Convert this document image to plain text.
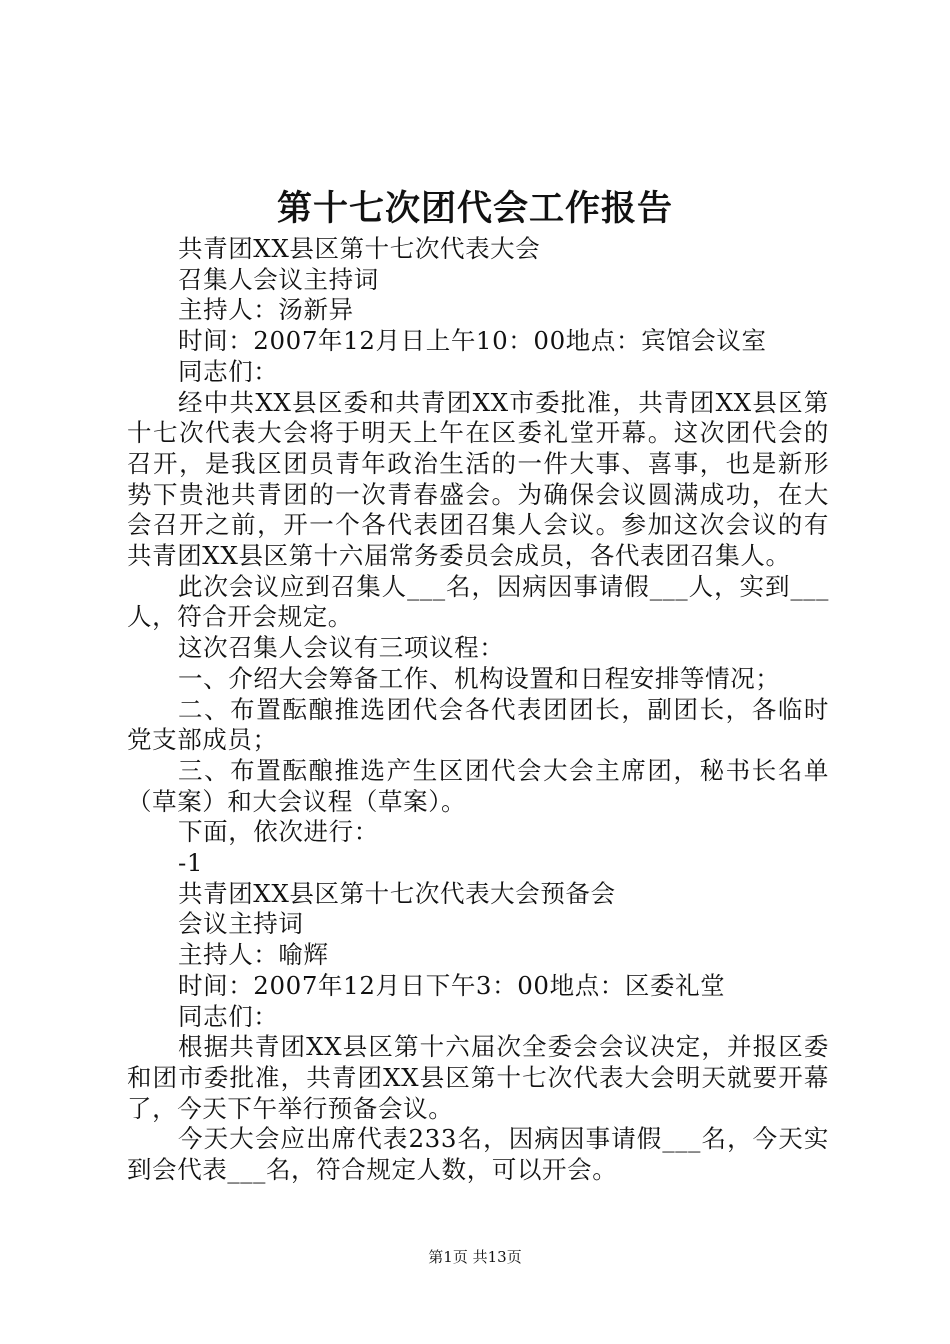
第十七次团代会工作报告

共青团XX县区第十七次代表大会

召集人会议主持词

主持人：汤新异

时间：2007年12月日上午10：00地点：宾馆会议室

同志们：

经中共XX县区委和共青团XX市委批准，共青团XX县区第十七次代表大会将于明天上午在区委礼堂开幕。这次团代会的召开，是我区团员青年政治生活的一件大事、喜事，也是新形势下贵池共青团的一次青春盛会。为确保会议圆满成功，在大会召开之前，开一个各代表团召集人会议。参加这次会议的有共青团XX县区第十六届常务委员会成员，各代表团召集人。

此次会议应到召集人___名，因病因事请假___人，实到___人，符合开会规定。

这次召集人会议有三项议程：

一、介绍大会筹备工作、机构设置和日程安排等情况；

二、布置酝酿推选团代会各代表团团长，副团长，各临时党支部成员；

三、布置酝酿推选产生区团代会大会主席团，秘书长名单（草案）和大会议程（草案）。

下面，依次进行：

-1

共青团XX县区第十七次代表大会预备会

会议主持词

主持人：喻辉

时间：2007年12月日下午3：00地点：区委礼堂

同志们：

根据共青团XX县区第十六届次全委会会议决定，并报区委和团市委批准，共青团XX县区第十七次代表大会明天就要开幕了，今天下午举行预备会议。

今天大会应出席代表233名，因病因事请假___名，今天实到会代表___名，符合规定人数，可以开会。

第1页 共13页
